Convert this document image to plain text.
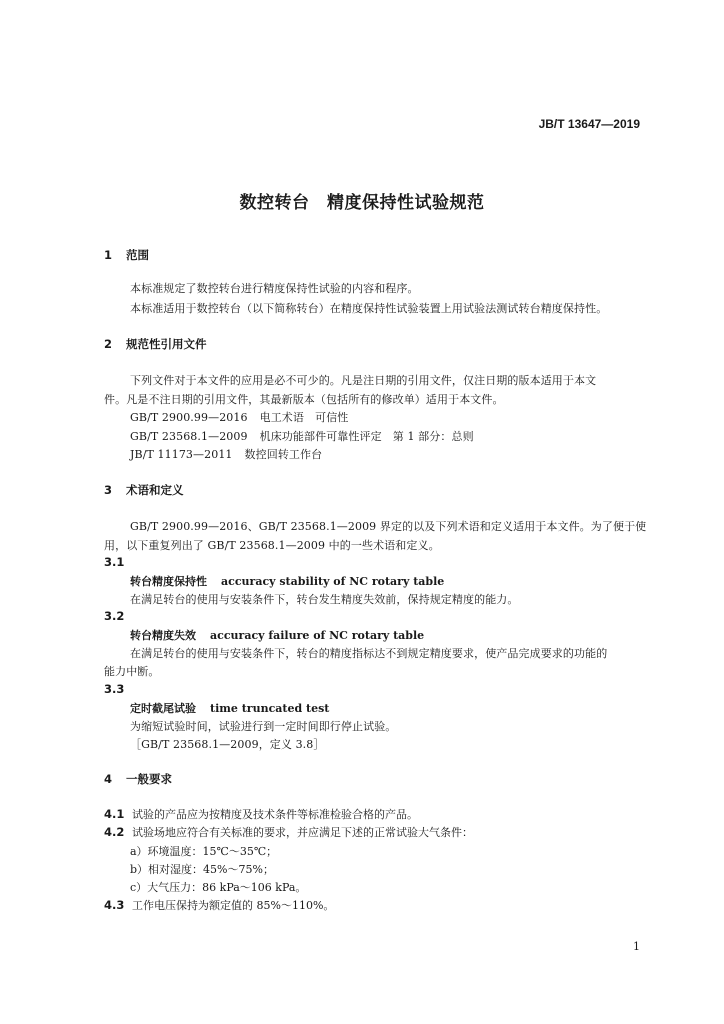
JB/T 13647—2019
数控转台　精度保持性试验规范
1 范围
本标准规定了数控转台进行精度保持性试验的内容和程序。
本标准适用于数控转台（以下简称转台）在精度保持性试验装置上用试验法测试转台精度保持性。
2 规范性引用文件
下列文件对于本文件的应用是必不可少的。凡是注日期的引用文件，仅注日期的版本适用于本文
件。凡是不注日期的引用文件，其最新版本（包括所有的修改单）适用于本文件。
GB/T 2900.99—2016 电工术语　可信性
GB/T 23568.1—2009 机床功能部件可靠性评定　第 1 部分：总则
JB/T 11173—2011 数控回转工作台
3 术语和定义
GB/T 2900.99—2016、GB/T 23568.1—2009 界定的以及下列术语和定义适用于本文件。为了便于使
用，以下重复列出了 GB/T 23568.1—2009 中的一些术语和定义。
3.1
转台精度保持性 accuracy stability of NC rotary table
在满足转台的使用与安装条件下，转台发生精度失效前，保持规定精度的能力。
3.2
转台精度失效 accuracy failure of NC rotary table
在满足转台的使用与安装条件下，转台的精度指标达不到规定精度要求，使产品完成要求的功能的
能力中断。
3.3
定时截尾试验 time truncated test
为缩短试验时间，试验进行到一定时间即行停止试验。
［GB/T 23568.1—2009，定义 3.8］
4 一般要求
4.1 试验的产品应为按精度及技术条件等标准检验合格的产品。
4.2 试验场地应符合有关标准的要求，并应满足下述的正常试验大气条件：
a）环境温度：15℃～35℃；
b）相对湿度：45%～75%；
c）大气压力：86 kPa～106 kPa。
4.3 工作电压保持为额定值的 85%～110%。
1
